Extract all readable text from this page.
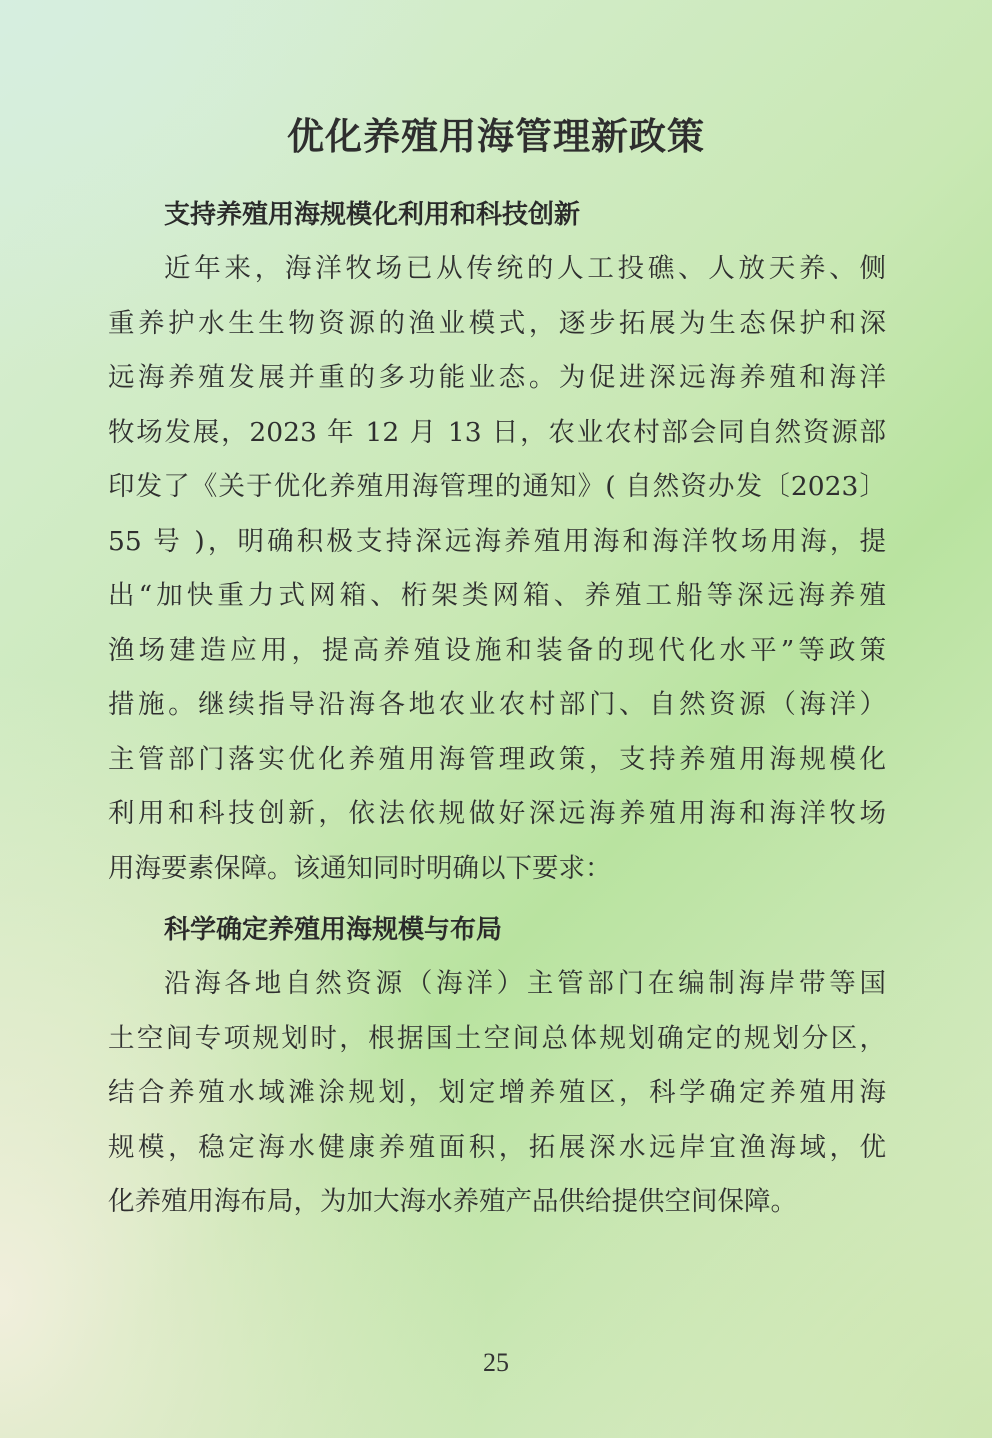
优化养殖用海管理新政策
支持养殖用海规模化利用和科技创新
近年来，海洋牧场已从传统的人工投礁、人放天养、侧
重养护水生生物资源的渔业模式，逐步拓展为生态保护和深
远海养殖发展并重的多功能业态。为促进深远海养殖和海洋
牧场发展，2023 年 12 月 13 日，农业农村部会同自然资源部
印发了《关于优化养殖用海管理的通知》( 自然资办发〔2023〕
55 号 )，明确积极支持深远海养殖用海和海洋牧场用海，提
出“加快重力式网箱、桁架类网箱、养殖工船等深远海养殖
渔场建造应用，提高养殖设施和装备的现代化水平”等政策
措施。继续指导沿海各地农业农村部门、自然资源（海洋）
主管部门落实优化养殖用海管理政策，支持养殖用海规模化
利用和科技创新，依法依规做好深远海养殖用海和海洋牧场
用海要素保障。该通知同时明确以下要求：
科学确定养殖用海规模与布局
沿海各地自然资源（海洋）主管部门在编制海岸带等国
土空间专项规划时，根据国土空间总体规划确定的规划分区，
结合养殖水域滩涂规划，划定增养殖区，科学确定养殖用海
规模，稳定海水健康养殖面积，拓展深水远岸宜渔海域，优
化养殖用海布局，为加大海水养殖产品供给提供空间保障。
25
